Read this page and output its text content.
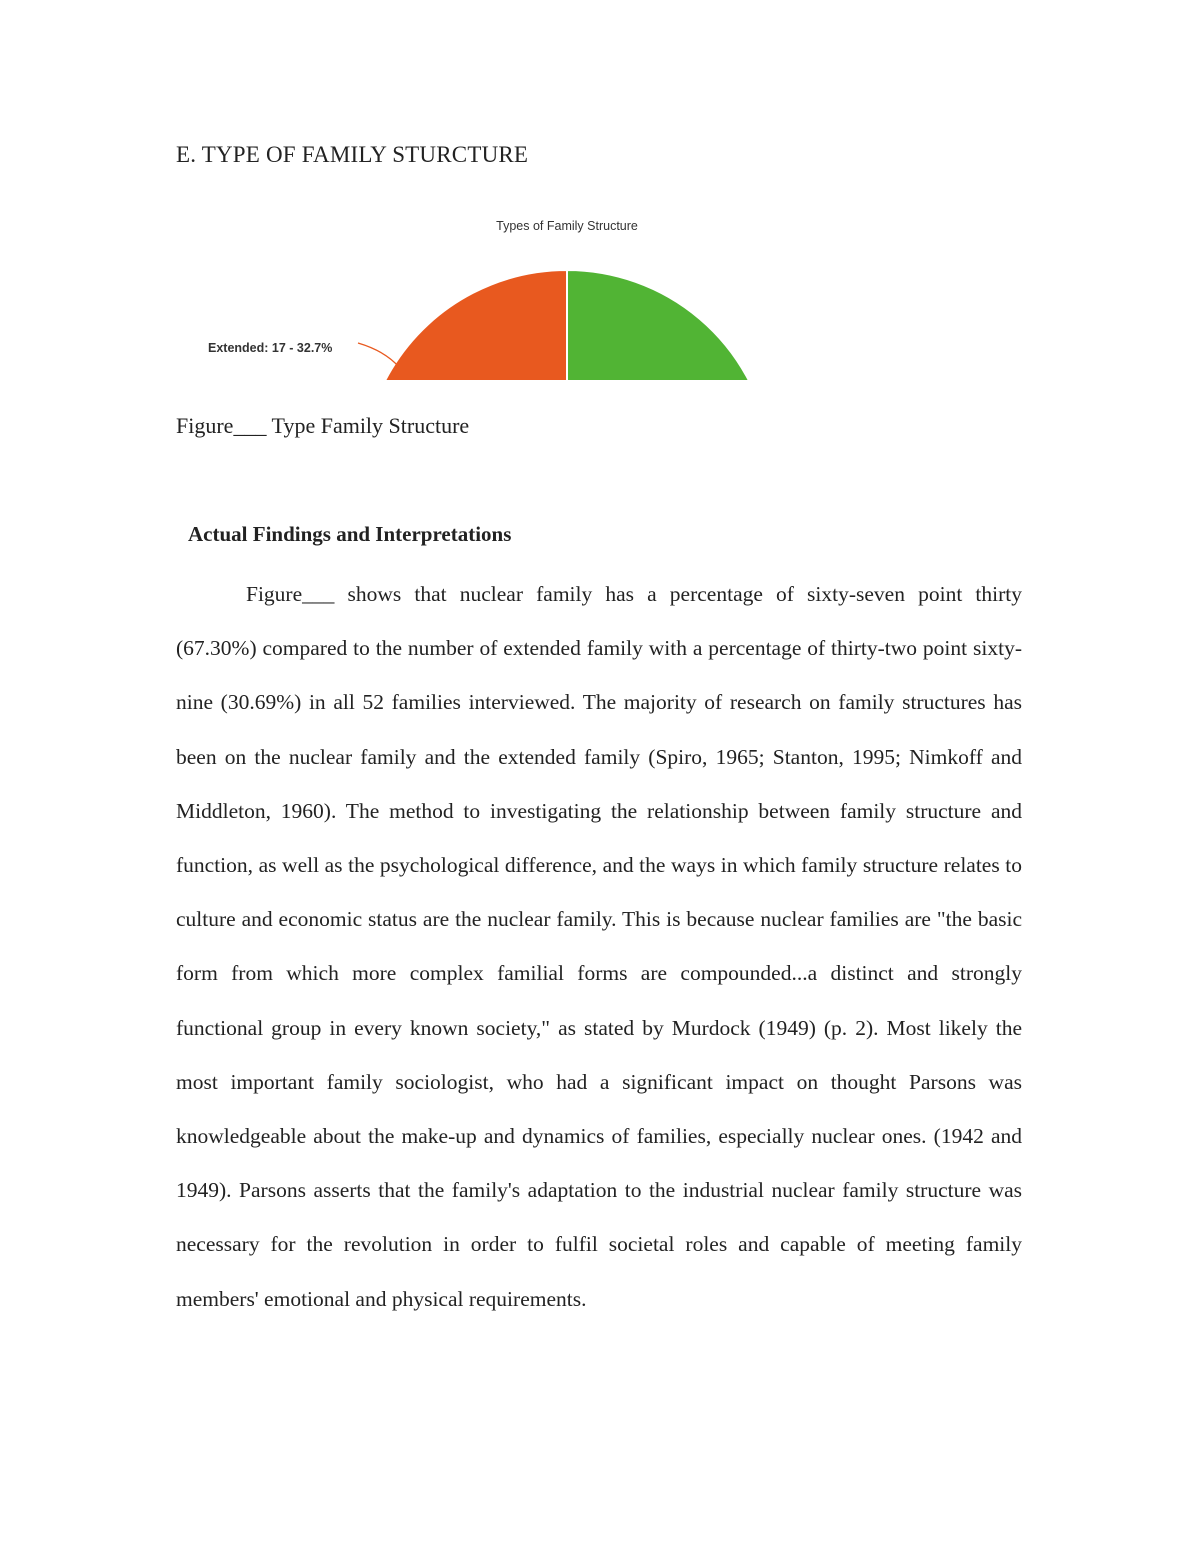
E. TYPE OF FAMILY STURCTURE
Types of Family Structure
Extended: 17 - 32.7%

Figure___ Type Family Structure

Actual Findings and Interpretations

Figure___ shows that nuclear family has a percentage of sixty-seven point thirty (67.30%) compared to the number of extended family with a percentage of thirty-two point sixty-nine (30.69%) in all 52 families interviewed. The majority of research on family structures has been on the nuclear family and the extended family (Spiro, 1965; Stanton, 1995; Nimkoff and Middleton, 1960). The method to investigating the relationship between family structure and function, as well as the psychological difference, and the ways in which family structure relates to culture and economic status are the nuclear family. This is because nuclear families are "the basic form from which more complex familial forms are compounded...a distinct and strongly functional group in every known society," as stated by Murdock (1949) (p. 2). Most likely the most important family sociologist, who had a significant impact on thought Parsons was knowledgeable about the make-up and dynamics of families, especially nuclear ones. (1942 and 1949). Parsons asserts that the family's adaptation to the industrial nuclear family structure was necessary for the revolution in order to fulfil societal roles and capable of meeting family members' emotional and physical requirements.
